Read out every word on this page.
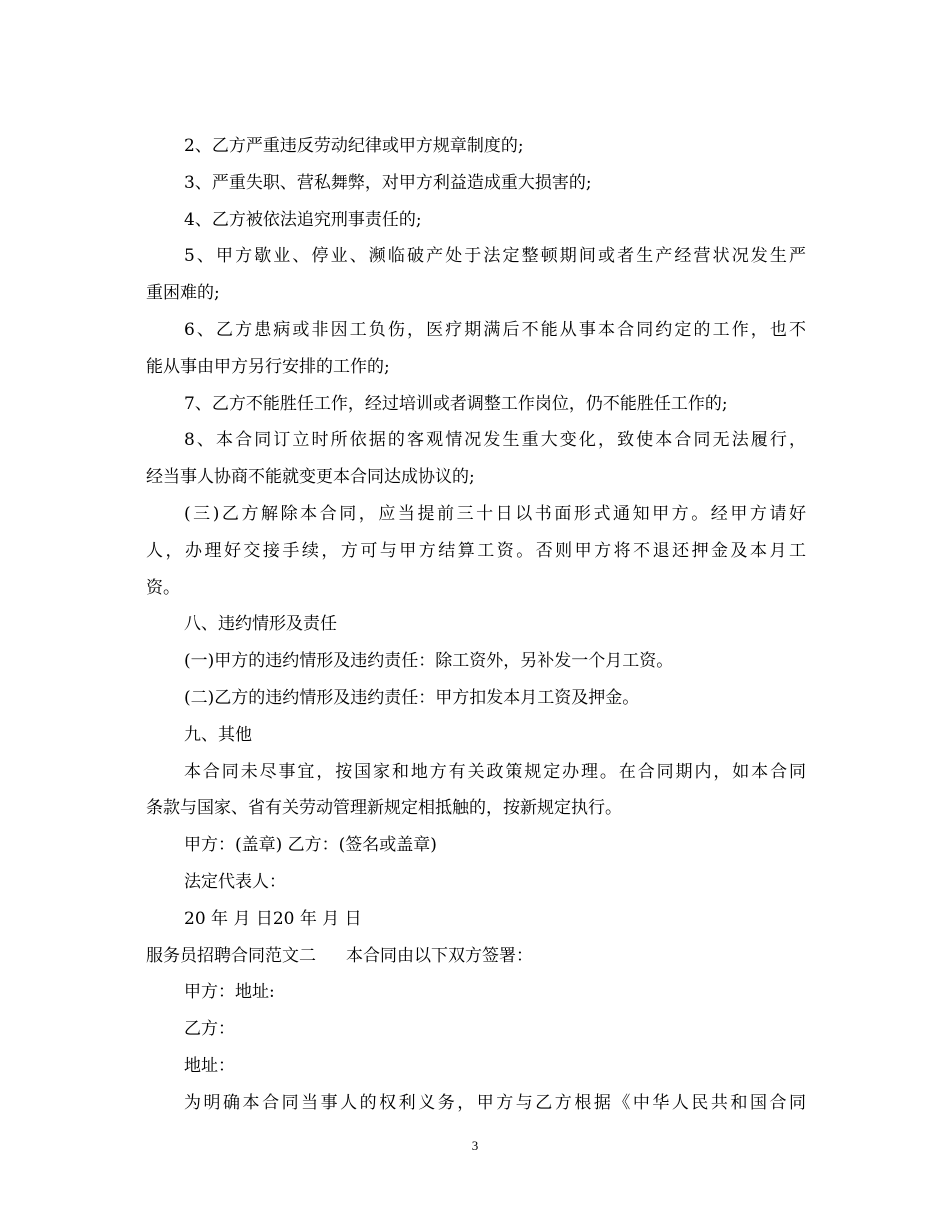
2、乙方严重违反劳动纪律或甲方规章制度的;
3、严重失职、营私舞弊，对甲方利益造成重大损害的;
4、乙方被依法追究刑事责任的;
5、甲方歇业、停业、濒临破产处于法定整顿期间或者生产经营状况发生严
重困难的;
6、乙方患病或非因工负伤，医疗期满后不能从事本合同约定的工作，也不
能从事由甲方另行安排的工作的;
7、乙方不能胜任工作，经过培训或者调整工作岗位，仍不能胜任工作的;
8、本合同订立时所依据的客观情况发生重大变化，致使本合同无法履行，
经当事人协商不能就变更本合同达成协议的;
(三)乙方解除本合同，应当提前三十日以书面形式通知甲方。经甲方请好
人，办理好交接手续，方可与甲方结算工资。否则甲方将不退还押金及本月工
资。
八、违约情形及责任
(一)甲方的违约情形及违约责任：除工资外，另补发一个月工资。
(二)乙方的违约情形及违约责任：甲方扣发本月工资及押金。
九、其他
本合同未尽事宜，按国家和地方有关政策规定办理。在合同期内，如本合同
条款与国家、省有关劳动管理新规定相抵触的，按新规定执行。
甲方：(盖章) 乙方：(签名或盖章)
法定代表人：
20 年 月 日20 年 月 日
服务员招聘合同范文二 本合同由以下双方签署：
甲方：地址:
乙方：
地址：
为明确本合同当事人的权利义务，甲方与乙方根据《中华人民共和国合同
3
